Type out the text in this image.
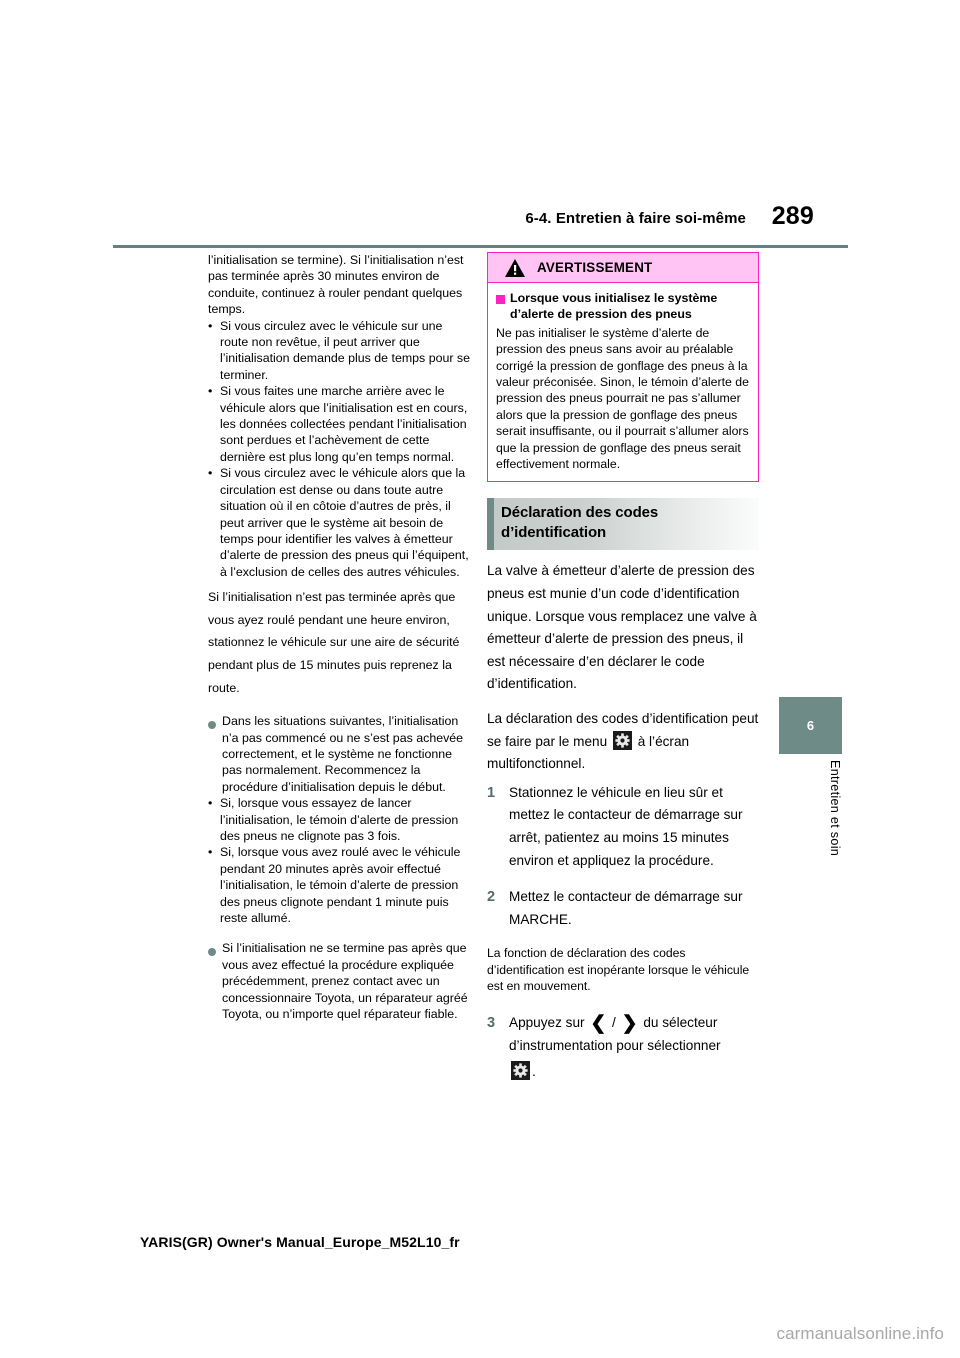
6-4. Entretien à faire soi-même 289
l’initialisation se termine). Si l’initialisation n’est pas terminée après 30 minutes environ de conduite, continuez à rouler pendant quelques temps.
• Si vous circulez avec le véhicule sur une route non revêtue, il peut arriver que l’initialisation demande plus de temps pour se terminer.
• Si vous faites une marche arrière avec le véhicule alors que l’initialisation est en cours, les données collectées pendant l’initialisation sont perdues et l’achèvement de cette dernière est plus long qu’en temps normal.
• Si vous circulez avec le véhicule alors que la circulation est dense ou dans toute autre situation où il en côtoie d’autres de près, il peut arriver que le système ait besoin de temps pour identifier les valves à émetteur d’alerte de pression des pneus qui l’équipent, à l’exclusion de celles des autres véhicules.
Si l’initialisation n’est pas terminée après que vous ayez roulé pendant une heure environ, stationnez le véhicule sur une aire de sécurité pendant plus de 15 minutes puis reprenez la route.
Dans les situations suivantes, l’initialisation n’a pas commencé ou ne s’est pas achevée correctement, et le système ne fonctionne pas normalement. Recommencez la procédure d’initialisation depuis le début.
• Si, lorsque vous essayez de lancer l’initialisation, le témoin d’alerte de pression des pneus ne clignote pas 3 fois.
• Si, lorsque vous avez roulé avec le véhicule pendant 20 minutes après avoir effectué l’initialisation, le témoin d’alerte de pression des pneus clignote pendant 1 minute puis reste allumé.
Si l’initialisation ne se termine pas après que vous avez effectué la procédure expliquée précédemment, prenez contact avec un concessionnaire Toyota, un réparateur agréé Toyota, ou n’importe quel réparateur fiable.
AVERTISSEMENT
Lorsque vous initialisez le système d’alerte de pression des pneus
Ne pas initialiser le système d’alerte de pression des pneus sans avoir au préalable corrigé la pression de gonflage des pneus à la valeur préconisée. Sinon, le témoin d’alerte de pression des pneus pourrait ne pas s’allumer alors que la pression de gonflage des pneus serait insuffisante, ou il pourrait s’allumer alors que la pression de gonflage des pneus serait effectivement normale.
Déclaration des codes d’identification
La valve à émetteur d’alerte de pression des pneus est munie d’un code d’identification unique. Lorsque vous remplacez une valve à émetteur d’alerte de pression des pneus, il est nécessaire d’en déclarer le code d’identification.
La déclaration des codes d’identification peut se faire par le menu à l’écran multifonctionnel.
1	Stationnez le véhicule en lieu sûr et mettez le contacteur de démarrage sur arrêt, patientez au moins 15 minutes environ et appliquez la procédure.
2	Mettez le contacteur de démarrage sur MARCHE.
La fonction de déclaration des codes d’identification est inopérante lorsque le véhicule est en mouvement.
3	Appuyez sur ❮ / ❯ du sélecteur d’instrumentation pour sélectionner

.
6
Entretien et soin
YARIS(GR) Owner's Manual_Europe_M52L10_fr
carmanualsonline.info
